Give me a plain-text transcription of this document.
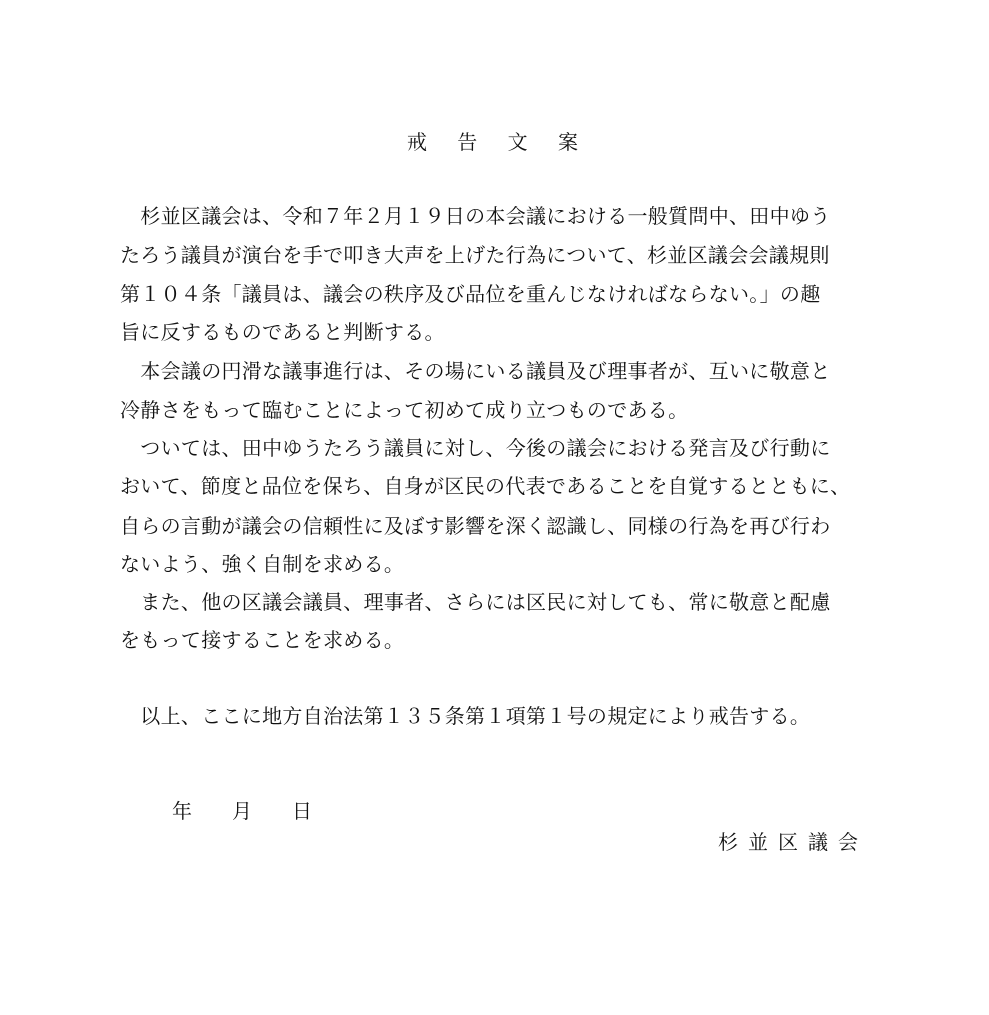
戒 告 文 案
　杉並区議会は、令和７年２月１９日の本会議における一般質問中、田中ゆう
たろう議員が演台を手で叩き大声を上げた行為について、杉並区議会会議規則
第１０４条「議員は、議会の秩序及び品位を重んじなければならない。」の趣
旨に反するものであると判断する。
　本会議の円滑な議事進行は、その場にいる議員及び理事者が、互いに敬意と
冷静さをもって臨むことによって初めて成り立つものである。
　ついては、田中ゆうたろう議員に対し、今後の議会における発言及び行動に
おいて、節度と品位を保ち、自身が区民の代表であることを自覚するとともに、
自らの言動が議会の信頼性に及ぼす影響を深く認識し、同様の行為を再び行わ
ないよう、強く自制を求める。
　また、他の区議会議員、理事者、さらには区民に対しても、常に敬意と配慮
をもって接することを求める。
　以上、ここに地方自治法第１３５条第１項第１号の規定により戒告する。
年　　月　　日
杉並区議会
